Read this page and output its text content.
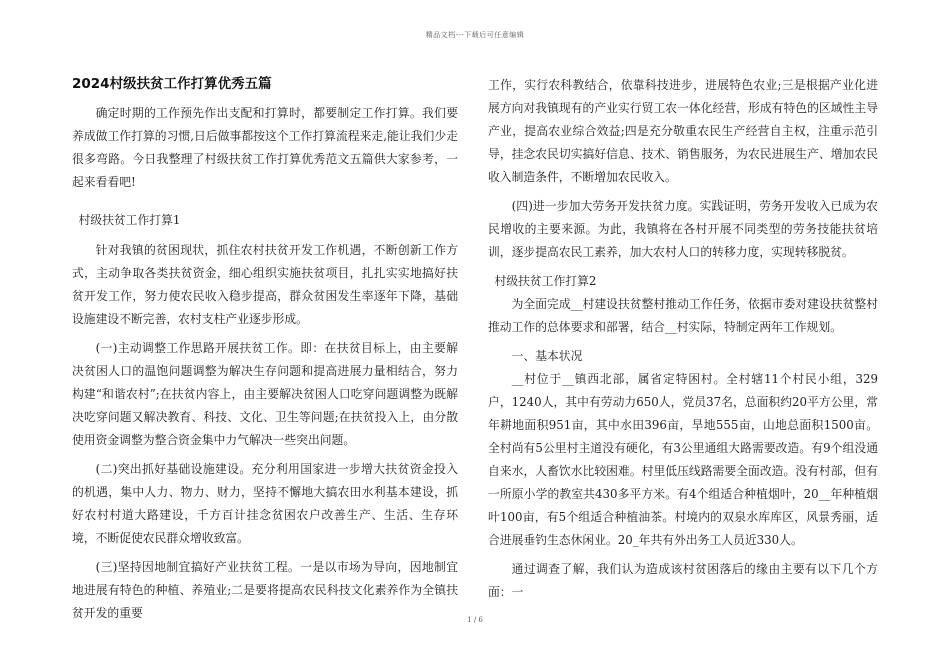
精品文档---下载后可任意编辑
2024村级扶贫工作打算优秀五篇

确定时期的工作预先作出支配和打算时，都要制定工作打算。我们要养成做工作打算的习惯,日后做事都按这个工作打算流程来走,能让我们少走很多弯路。今日我整理了村级扶贫工作打算优秀范文五篇供大家参考，一起来看看吧!

村级扶贫工作打算1

针对我镇的贫困现状，抓住农村扶贫开发工作机遇，不断创新工作方式，主动争取各类扶贫资金，细心组织实施扶贫项目，扎扎实实地搞好扶贫开发工作，努力使农民收入稳步提高，群众贫困发生率逐年下降，基础设施建设不断完善，农村支柱产业逐步形成。

(一)主动调整工作思路开展扶贫工作。即：在扶贫目标上，由主要解决贫困人口的温饱问题调整为解决生存问题和提高进展力量相结合，努力构建“和谐农村”;在扶贫内容上，由主要解决贫困人口吃穿问题调整为既解决吃穿问题又解决教育、科技、文化、卫生等问题;在扶贫投入上，由分散使用资金调整为整合资金集中力气解决一些突出问题。

(二)突出抓好基础设施建设。充分利用国家进一步增大扶贫资金投入的机遇，集中人力、物力、财力，坚持不懈地大搞农田水利基本建设，抓好农村村道大路建设，千方百计挂念贫困农户改善生产、生活、生存环境，不断促使农民群众增收致富。

(三)坚持因地制宜搞好产业扶贫工程。一是以市场为导向，因地制宜地进展有特色的种植、养殖业;二是要将提高农民科技文化素养作为全镇扶贫开发的重要

工作，实行农科教结合，依靠科技进步，进展特色农业;三是根据产业化进展方向对我镇现有的产业实行贸工农一体化经营，形成有特色的区域性主导产业，提高农业综合效益;四是充分敬重农民生产经营自主权，注重示范引导，挂念农民切实搞好信息、技术、销售服务，为农民进展生产、增加农民收入制造条件，不断增加农民收入。

(四)进一步加大劳务开发扶贫力度。实践证明，劳务开发收入已成为农民增收的主要来源。为此，我镇将在各村开展不同类型的劳务技能扶贫培训，逐步提高农民工素养，加大农村人口的转移力度，实现转移脱贫。

村级扶贫工作打算2

为全面完成__村建设扶贫整村推动工作任务，依据市委对建设扶贫整村推动工作的总体要求和部署，结合__村实际，特制定两年工作规划。

一、基本状况

__村位于__镇西北部，属省定特困村。全村辖11个村民小组，329户，1240人，其中有劳动力650人，党员37名，总面积约20平方公里，常年耕地面积951亩，其中水田396亩，旱地555亩，山地总面积1500亩。全村尚有5公里村主道没有硬化，有3公里通组大路需要改造。有9个组没通自来水，人畜饮水比较困难。村里低压线路需要全面改造。没有村部，但有一所原小学的教室共430多平方米。有4个组适合种植烟叶，20__年种植烟叶100亩，有5个组适合种植油茶。村境内的双泉水库库区，风景秀丽，适合进展垂钓生态休闲业。20_年共有外出务工人员近330人。

通过调查了解，我们认为造成该村贫困落后的缘由主要有以下几个方面：一

1 / 6
